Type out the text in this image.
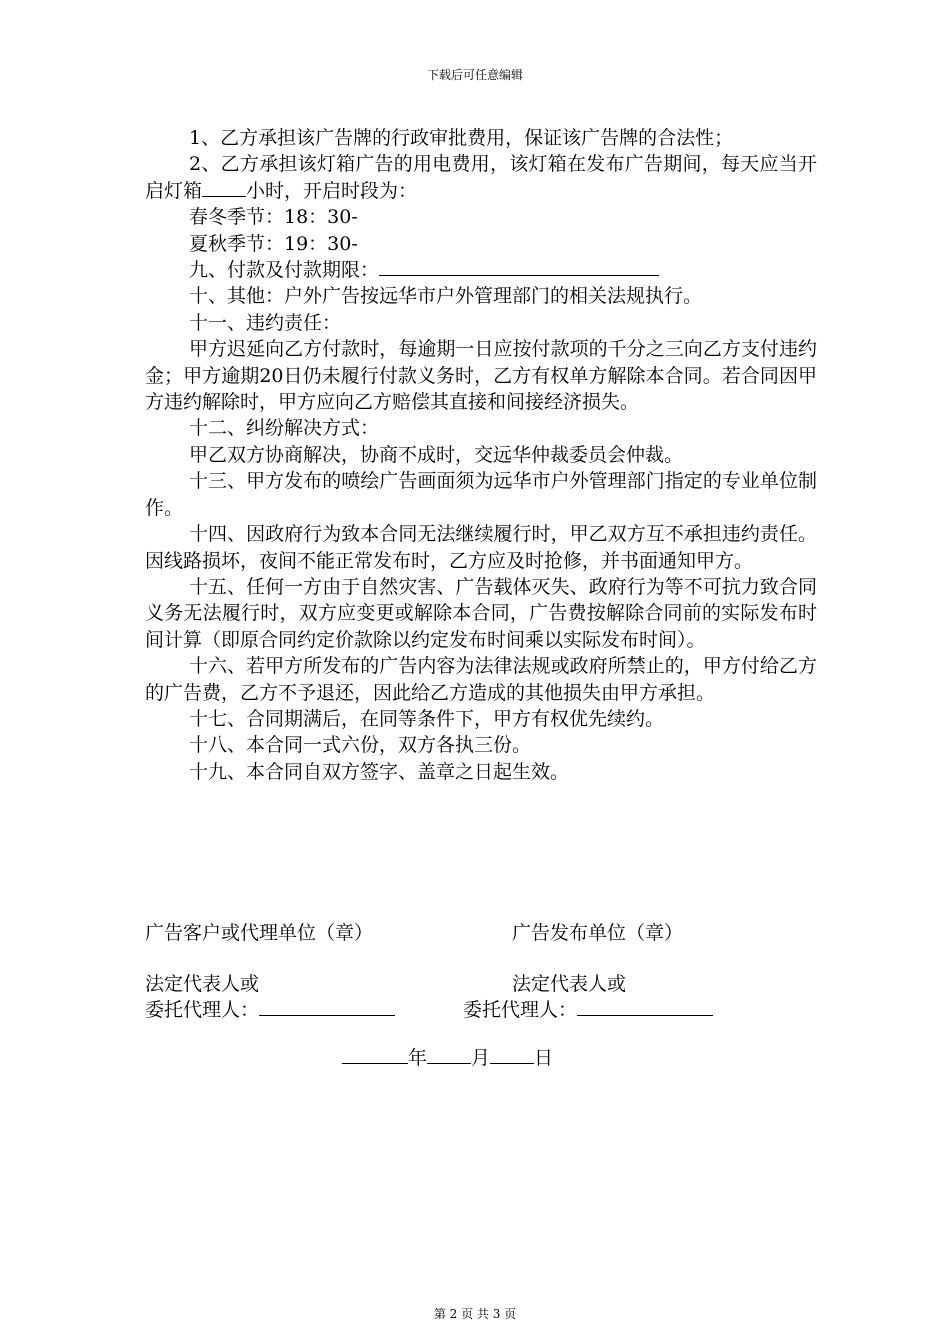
下载后可任意编辑

1、乙方承担该广告牌的行政审批费用，保证该广告牌的合法性；

2、乙方承担该灯箱广告的用电费用，该灯箱在发布广告期间，每天应当开启灯箱 小时，开启时段为：

春冬季节：18：30-

夏秋季节：19：30-

九、付款及付款期限：

十、其他：户外广告按远华市户外管理部门的相关法规执行。

十一、违约责任：

甲方迟延向乙方付款时，每逾期一日应按付款项的千分之三向乙方支付违约金；甲方逾期20日仍未履行付款义务时，乙方有权单方解除本合同。若合同因甲方违约解除时，甲方应向乙方赔偿其直接和间接经济损失。

十二、纠纷解决方式：

甲乙双方协商解决，协商不成时，交远华仲裁委员会仲裁。

十三、甲方发布的喷绘广告画面须为远华市户外管理部门指定的专业单位制作。

十四、因政府行为致本合同无法继续履行时，甲乙双方互不承担违约责任。因线路损坏，夜间不能正常发布时，乙方应及时抢修，并书面通知甲方。

十五、任何一方由于自然灾害、广告载体灭失、政府行为等不可抗力致合同义务无法履行时，双方应变更或解除本合同，广告费按解除合同前的实际发布时间计算（即原合同约定价款除以约定发布时间乘以实际发布时间）。

十六、若甲方所发布的广告内容为法律法规或政府所禁止的，甲方付给乙方的广告费，乙方不予退还，因此给乙方造成的其他损失由甲方承担。

十七、合同期满后，在同等条件下，甲方有权优先续约。

十八、本合同一式六份，双方各执三份。

十九、本合同自双方签字、盖章之日起生效。

广告客户或代理单位（章）	广告发布单位（章）
法定代表人或	法定代表人或
委托代理人：	委托代理人：
年 月 日
第 2 页 共 3 页
